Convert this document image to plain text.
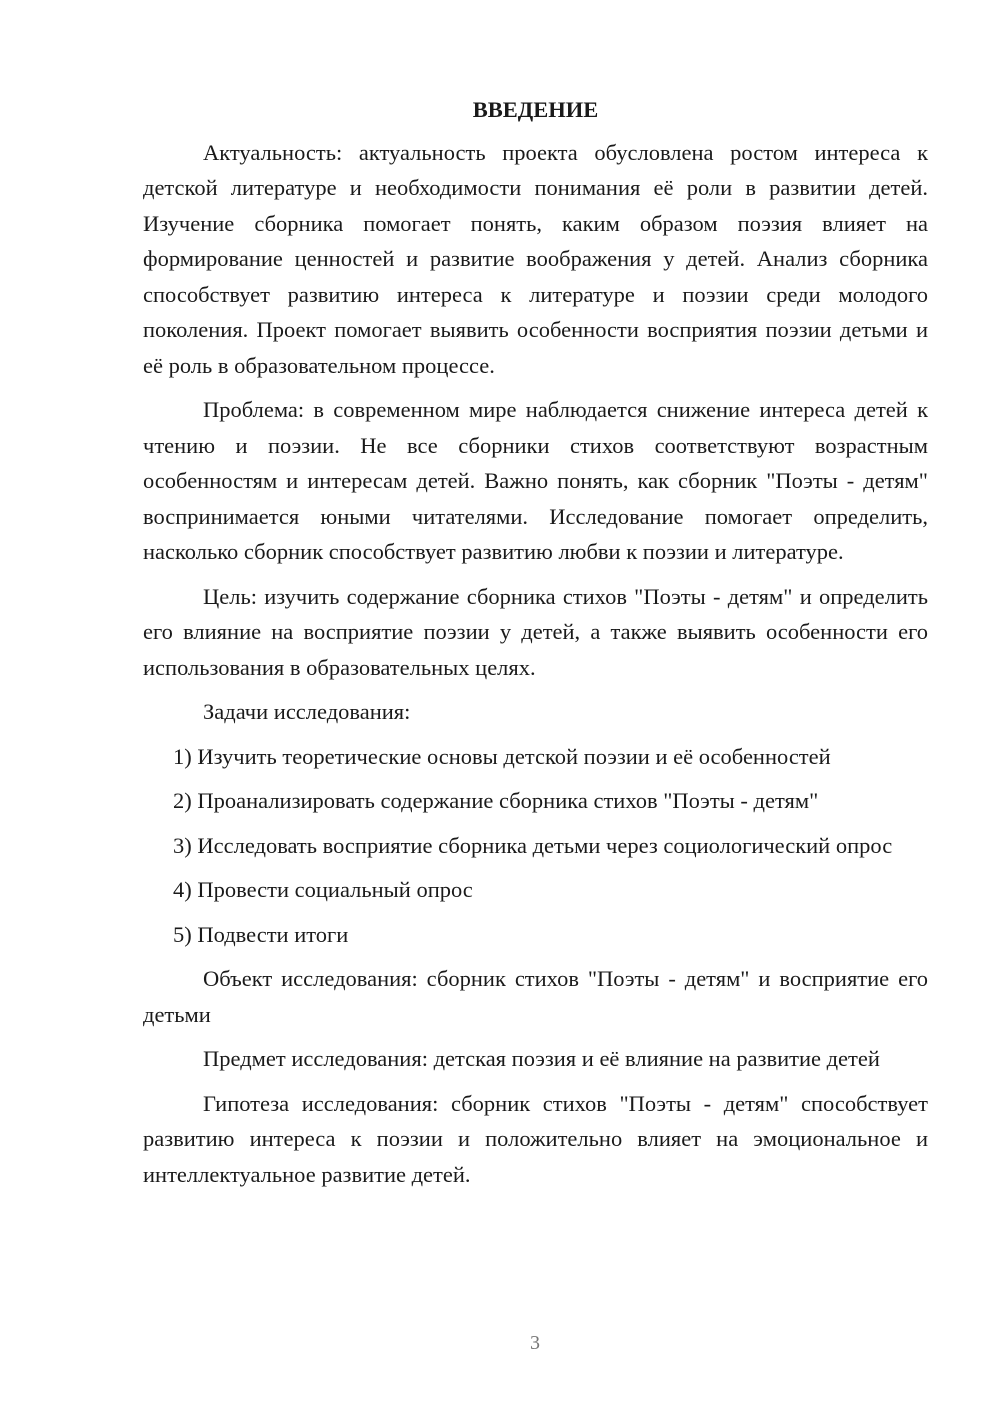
ВВЕДЕНИЕ

Актуальность: актуальность проекта обусловлена ростом интереса к детской литературе и необходимости понимания её роли в развитии детей. Изучение сборника помогает понять, каким образом поэзия влияет на формирование ценностей и развитие воображения у детей. Анализ сборника способствует развитию интереса к литературе и поэзии среди молодого поколения. Проект помогает выявить особенности восприятия поэзии детьми и её роль в образовательном процессе.

Проблема: в современном мире наблюдается снижение интереса детей к чтению и поэзии. Не все сборники стихов соответствуют возрастным особенностям и интересам детей. Важно понять, как сборник "Поэты - детям" воспринимается юными читателями. Исследование помогает определить, насколько сборник способствует развитию любви к поэзии и литературе.

Цель: изучить содержание сборника стихов "Поэты - детям" и определить его влияние на восприятие поэзии у детей, а также выявить особенности его использования в образовательных целях.

Задачи исследования:

1) Изучить теоретические основы детской поэзии и её особенностей

2) Проанализировать содержание сборника стихов "Поэты - детям"

3) Исследовать восприятие сборника детьми через социологический опрос

4) Провести социальный опрос

5) Подвести итоги

Объект исследования: сборник стихов "Поэты - детям" и восприятие его детьми

Предмет исследования: детская поэзия и её влияние на развитие детей

Гипотеза исследования: сборник стихов "Поэты - детям" способствует развитию интереса к поэзии и положительно влияет на эмоциональное и интеллектуальное развитие детей.

3
